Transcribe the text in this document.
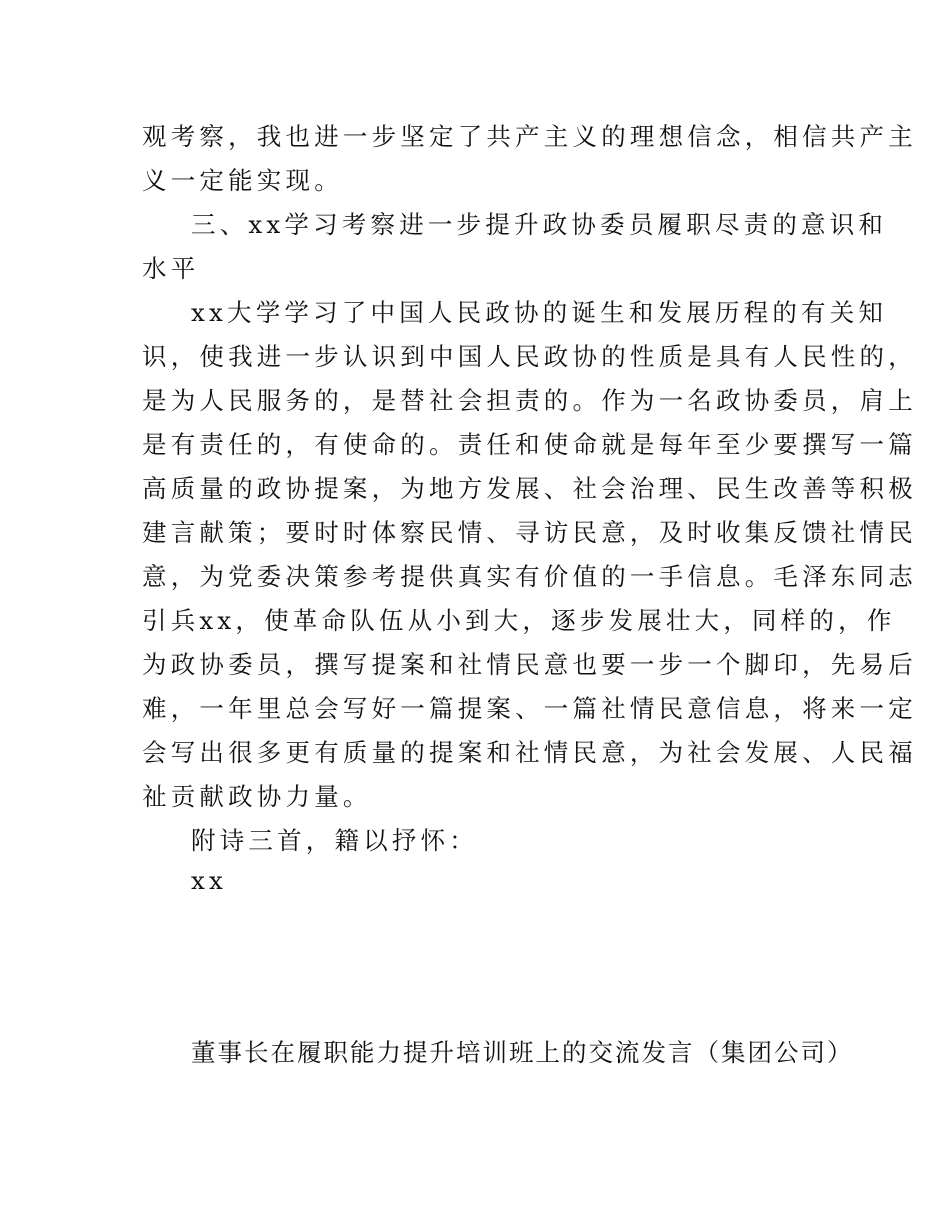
观考察，我也进一步坚定了共产主义的理想信念，相信共产主
义一定能实现。
三、xx学习考察进一步提升政协委员履职尽责的意识和
水平
xx大学学习了中国人民政协的诞生和发展历程的有关知
识，使我进一步认识到中国人民政协的性质是具有人民性的，
是为人民服务的，是替社会担责的。作为一名政协委员，肩上
是有责任的，有使命的。责任和使命就是每年至少要撰写一篇
高质量的政协提案，为地方发展、社会治理、民生改善等积极
建言献策；要时时体察民情、寻访民意，及时收集反馈社情民
意，为党委决策参考提供真实有价值的一手信息。毛泽东同志
引兵xx，使革命队伍从小到大，逐步发展壮大，同样的，作
为政协委员，撰写提案和社情民意也要一步一个脚印，先易后
难，一年里总会写好一篇提案、一篇社情民意信息，将来一定
会写出很多更有质量的提案和社情民意，为社会发展、人民福
祉贡献政协力量。
附诗三首，籍以抒怀：
xx
董事长在履职能力提升培训班上的交流发言（集团公司）
